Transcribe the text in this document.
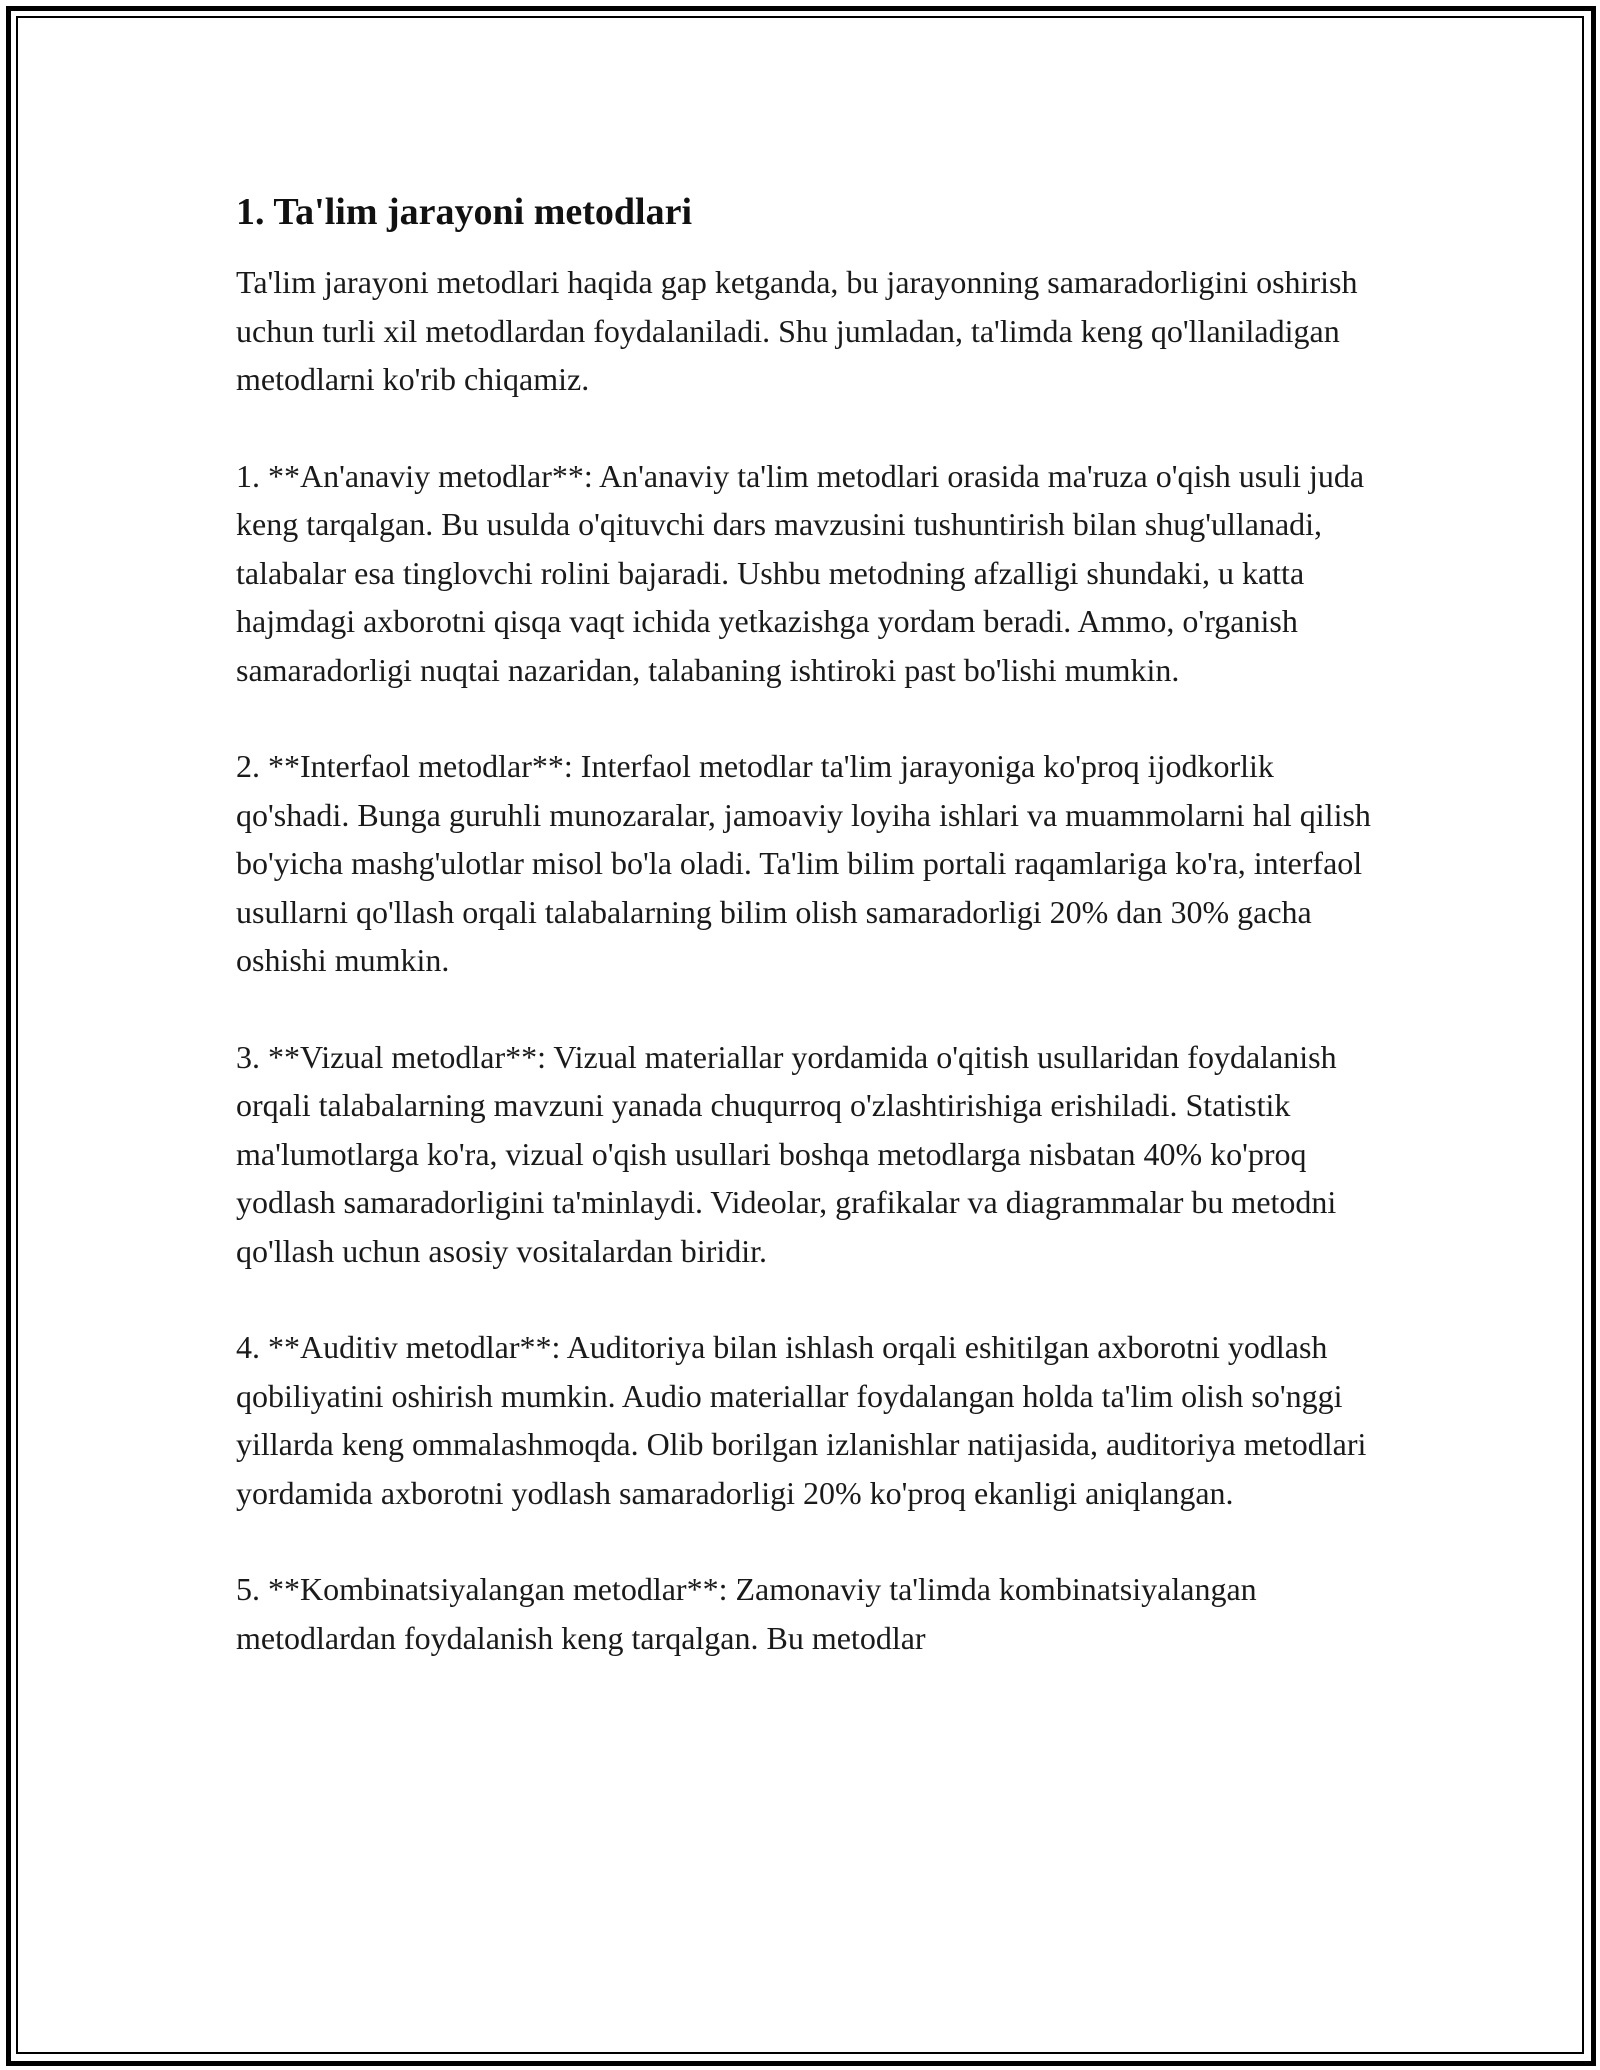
1. Ta'lim jarayoni metodlari

Ta'lim jarayoni metodlari haqida gap ketganda, bu jarayonning samaradorligini oshirish uchun turli xil metodlardan foydalaniladi. Shu jumladan, ta'limda keng qo'llaniladigan metodlarni ko'rib chiqamiz.

1. **An'anaviy metodlar**: An'anaviy ta'lim metodlari orasida ma'ruza o'qish usuli juda keng tarqalgan. Bu usulda o'qituvchi dars mavzusini tushuntirish bilan shug'ullanadi, talabalar esa tinglovchi rolini bajaradi. Ushbu metodning afzalligi shundaki, u katta hajmdagi axborotni qisqa vaqt ichida yetkazishga yordam beradi. Ammo, o'rganish samaradorligi nuqtai nazaridan, talabaning ishtiroki past bo'lishi mumkin.

2. **Interfaol metodlar**: Interfaol metodlar ta'lim jarayoniga ko'proq ijodkorlik qo'shadi. Bunga guruhli munozaralar, jamoaviy loyiha ishlari va muammolarni hal qilish bo'yicha mashg'ulotlar misol bo'la oladi. Ta'lim bilim portali raqamlariga ko'ra, interfaol usullarni qo'llash orqali talabalarning bilim olish samaradorligi 20% dan 30% gacha oshishi mumkin.

3. **Vizual metodlar**: Vizual materiallar yordamida o'qitish usullaridan foydalanish orqali talabalarning mavzuni yanada chuqurroq o'zlashtirishiga erishiladi. Statistik ma'lumotlarga ko'ra, vizual o'qish usullari boshqa metodlarga nisbatan 40% ko'proq yodlash samaradorligini ta'minlaydi. Videolar, grafikalar va diagrammalar bu metodni qo'llash uchun asosiy vositalardan biridir.

4. **Auditiv metodlar**: Auditoriya bilan ishlash orqali eshitilgan axborotni yodlash qobiliyatini oshirish mumkin. Audio materiallar foydalangan holda ta'lim olish so'nggi yillarda keng ommalashmoqda. Olib borilgan izlanishlar natijasida, auditoriya metodlari yordamida axborotni yodlash samaradorligi 20% ko'proq ekanligi aniqlangan.

5. **Kombinatsiyalangan metodlar**: Zamonaviy ta'limda kombinatsiyalangan metodlardan foydalanish keng tarqalgan. Bu metodlar
